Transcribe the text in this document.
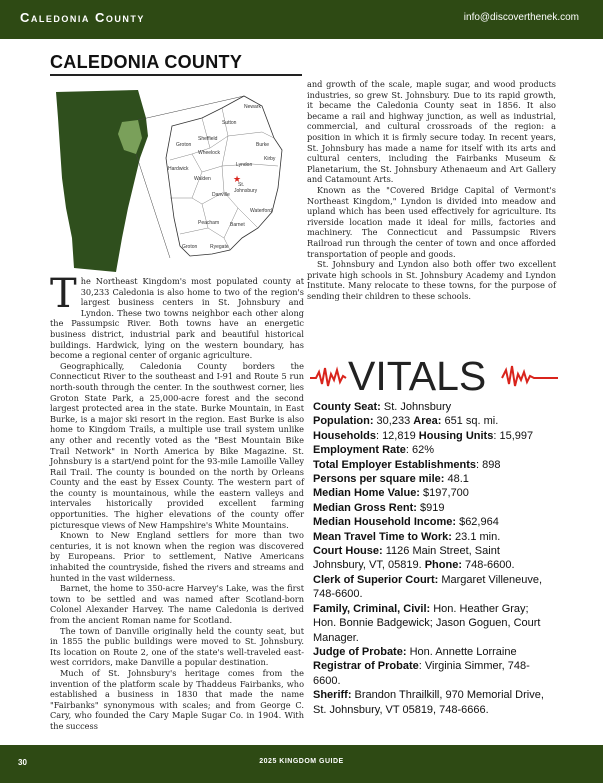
Caledonia County	info@discoverthenek.com
CALEDONIA COUNTY
Newark
Sutton
Sheffield
Burke
Groton
Wheelock
Kirby
Hardwick
Walden
Lyndon
Danville
St.
Johnsbury
Waterford
Peacham Barnet
Groton	Ryegate
★

The Northeast Kingdom's most populated county at 30,233 Caledonia is also home to two of the region's largest business centers in St. Johnsbury and Lyndon. These two towns neighbor each other along the Passumpsic River. Both towns have an energetic business district, industrial park and beautiful historical buildings. Hardwick, lying on the western boundary, has become a regional center of organic agriculture.

Geographically, Caledonia County borders the Connecticut River to the southeast and I-91 and Route 5 run north-south through the center. In the southwest corner, lies Groton State Park, a 25,000-acre forest and the second largest protected area in the state. Burke Mountain, in East Burke, is a major ski resort in the region. East Burke is also home to Kingdom Trails, a multiple use trail system unlike any other and recently voted as the "Best Mountain Bike Trail Network" in North America by Bike Magazine. St. Johnsbury is a start/end point for the 93-mile Lamoille Valley Rail Trail. The county is bounded on the north by Orleans County and the east by Essex County. The western part of the county is mountainous, while the eastern valleys and intervales historically provided excellent farming opportunities. The higher elevations of the county offer picturesque views of New Hampshire's White Mountains.

Known to New England settlers for more than two centuries, it is not known when the region was discovered by Europeans. Prior to settlement, Native Americans inhabited the countryside, fished the rivers and streams and hunted in the vast wilderness.

Barnet, the home to 350-acre Harvey's Lake, was the first town to be settled and was named after Scotland-born Colonel Alexander Harvey. The name Caledonia is derived from the ancient Roman name for Scotland.

The town of Danville originally held the county seat, but in 1855 the public buildings were moved to St. Johnsbury. Its location on Route 2, one of the state's well-traveled east-west corridors, make Danville a popular destination.

Much of St. Johnsbury's heritage comes from the invention of the platform scale by Thaddeus Fairbanks, who established a business in 1830 that made the name "Fairbanks" synonymous with scales; and from George C. Cary, who founded the Cary Maple Sugar Co. in 1904. With the success

and growth of the scale, maple sugar, and wood products industries, so grew St. Johnsbury. Due to its rapid growth, it became the Caledonia County seat in 1856. It also became a rail and highway junction, as well as industrial, commercial, and cultural crossroads of the region: a position in which it is firmly secure today. In recent years, St. Johnsbury has made a name for itself with its arts and cultural centers, including the Fairbanks Museum & Planetarium, the St. Johnsbury Athenaeum and Art Gallery and Catamount Arts.

Known as the "Covered Bridge Capital of Vermont's Northeast Kingdom," Lyndon is divided into meadow and upland which has been used effectively for agriculture. Its riverside location made it ideal for mills, factories and machinery. The Connecticut and Passumpsic Rivers Railroad run through the center of town and once afforded transportation of people and goods.

St. Johnsbury and Lyndon also both offer two excellent private high schools in St. Johnsbury Academy and Lyndon Institute. Many relocate to these towns, for the purpose of sending their children to these schools.

VITALS
County Seat: St. Johnsbury
Population: 30,233 Area: 651 sq. mi.
Households: 12,819 Housing Units: 15,997
Employment Rate: 62%
Total Employer Establishments: 898
Persons per square mile: 48.1
Median Home Value: $197,700
Median Gross Rent: $919
Median Household Income: $62,964
Mean Travel Time to Work: 23.1 min.
Court House: 1126 Main Street, Saint Johnsbury, VT, 05819. Phone: 748-6600.
Clerk of Superior Court: Margaret Villeneuve, 748-6600.
Family, Criminal, Civil: Hon. Heather Gray; Hon. Bonnie Badgewick; Jason Goguen, Court Manager.
Judge of Probate: Hon. Annette Lorraine
Registrar of Probate: Virginia Simmer, 748-6600.
Sheriff: Brandon Thrailkill, 970 Memorial Drive, St. Johnsbury, VT 05819, 748-6666.
30	2025 KINGDOM GUIDE
